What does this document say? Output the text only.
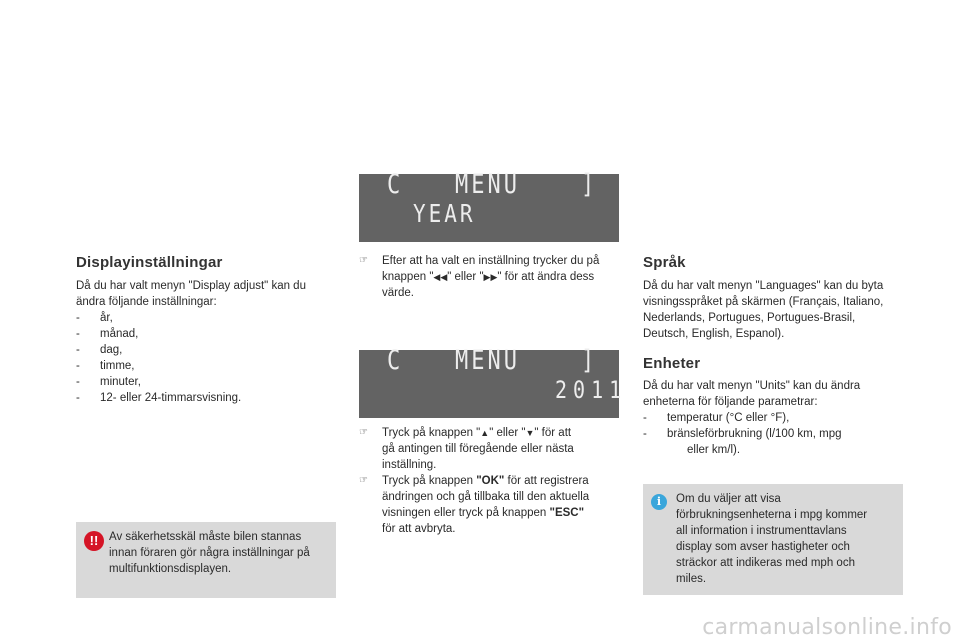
Displayinställningar
Då du har valt menyn "Display adjust" kan du
ändra följande inställningar:
- år,
- månad,
- dag,
- timme,
- minuter,
- 12- eller 24-timmarsvisning.
!! Av säkerhetsskäl måste bilen stannas
innan föraren gör några inställningar på
multifunktionsdisplayen.
C MENU	]
YEAR
☞ Efter att ha valt en inställning trycker du på
knappen "◀◀" eller "▶▶" för att ändra dess
värde.
C MENU	]
2011
☞ Tryck på knappen "▲" eller "▼" för att
gå antingen till föregående eller nästa
inställning.
☞ Tryck på knappen "OK" för att registrera
ändringen och gå tillbaka till den aktuella
visningen eller tryck på knappen "ESC"
för att avbryta.
Språk
Då du har valt menyn "Languages" kan du byta
visningsspråket på skärmen (Français, Italiano,
Nederlands, Portugues, Portugues-Brasil,
Deutsch, English, Espanol).
Enheter
Då du har valt menyn "Units" kan du ändra
enheterna för följande parametrar:
- temperatur (°C eller °F),
- bränsleförbrukning (l/100 km, mpg
eller km/l).
i	Om du väljer att visa
förbrukningsenheterna i mpg kommer
all information i instrumenttavlans
display som avser hastigheter och
sträckor att indikeras med mph och
miles.
carmanualsonline.info
